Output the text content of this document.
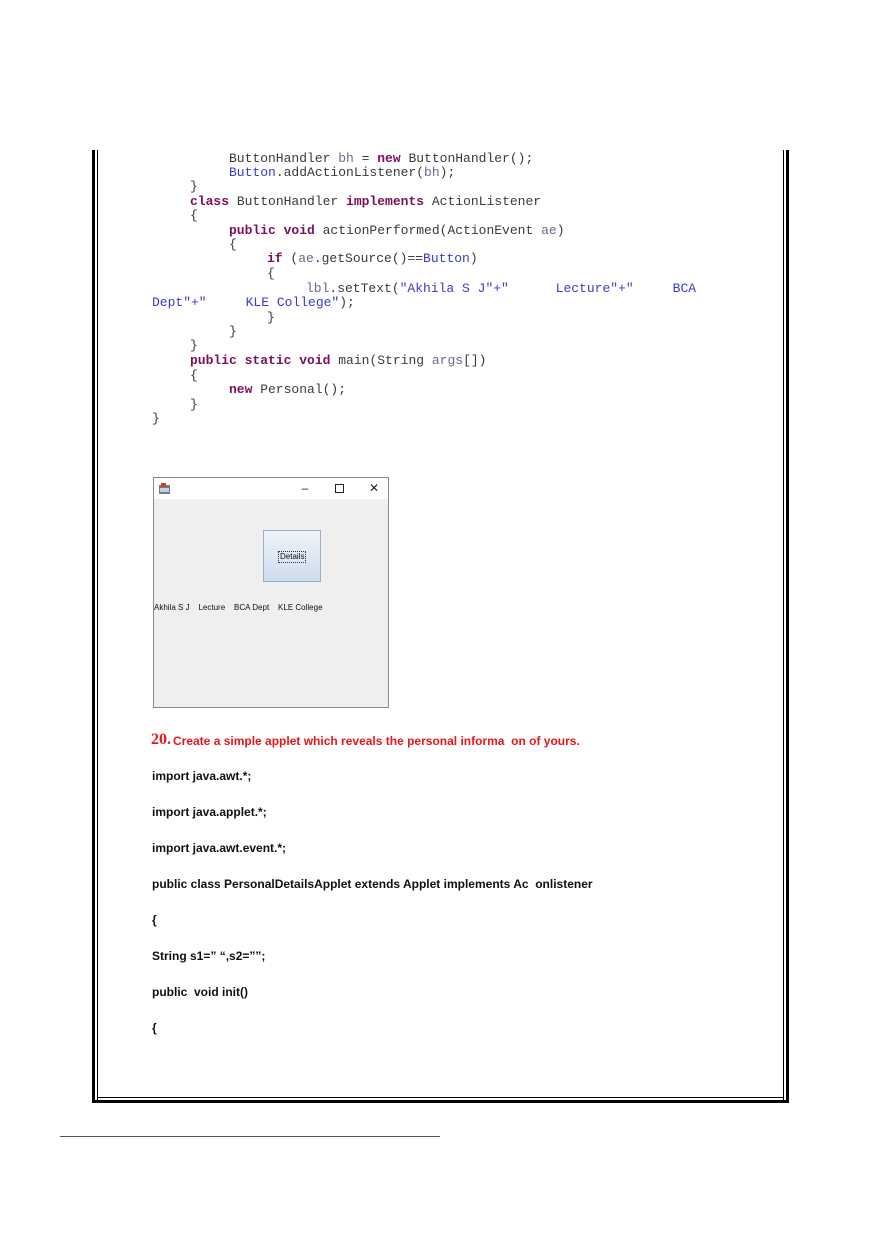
ButtonHandler bh = new ButtonHandler();
Button.addActionListener(bh);
}
class ButtonHandler implements ActionListener
{
public void actionPerformed(ActionEvent ae)
{
if (ae.getSource()==Button)
{
lbl.setText("Akhila S J"+"      Lecture"+"     BCA
Dept"+"     KLE College");
}
}
}
public static void main(String args[])
{
new Personal();
}
}
–	✕
Details
Akhila S J    Lecture    BCA Dept    KLE College
20. Create a simple applet which reveals the personal informa  on of yours.
import java.awt.*;
import java.applet.*;
import java.awt.event.*;
public class PersonalDetailsApplet extends Applet implements Ac  onlistener
{
String s1=” “,s2=””;
public  void init()
{
